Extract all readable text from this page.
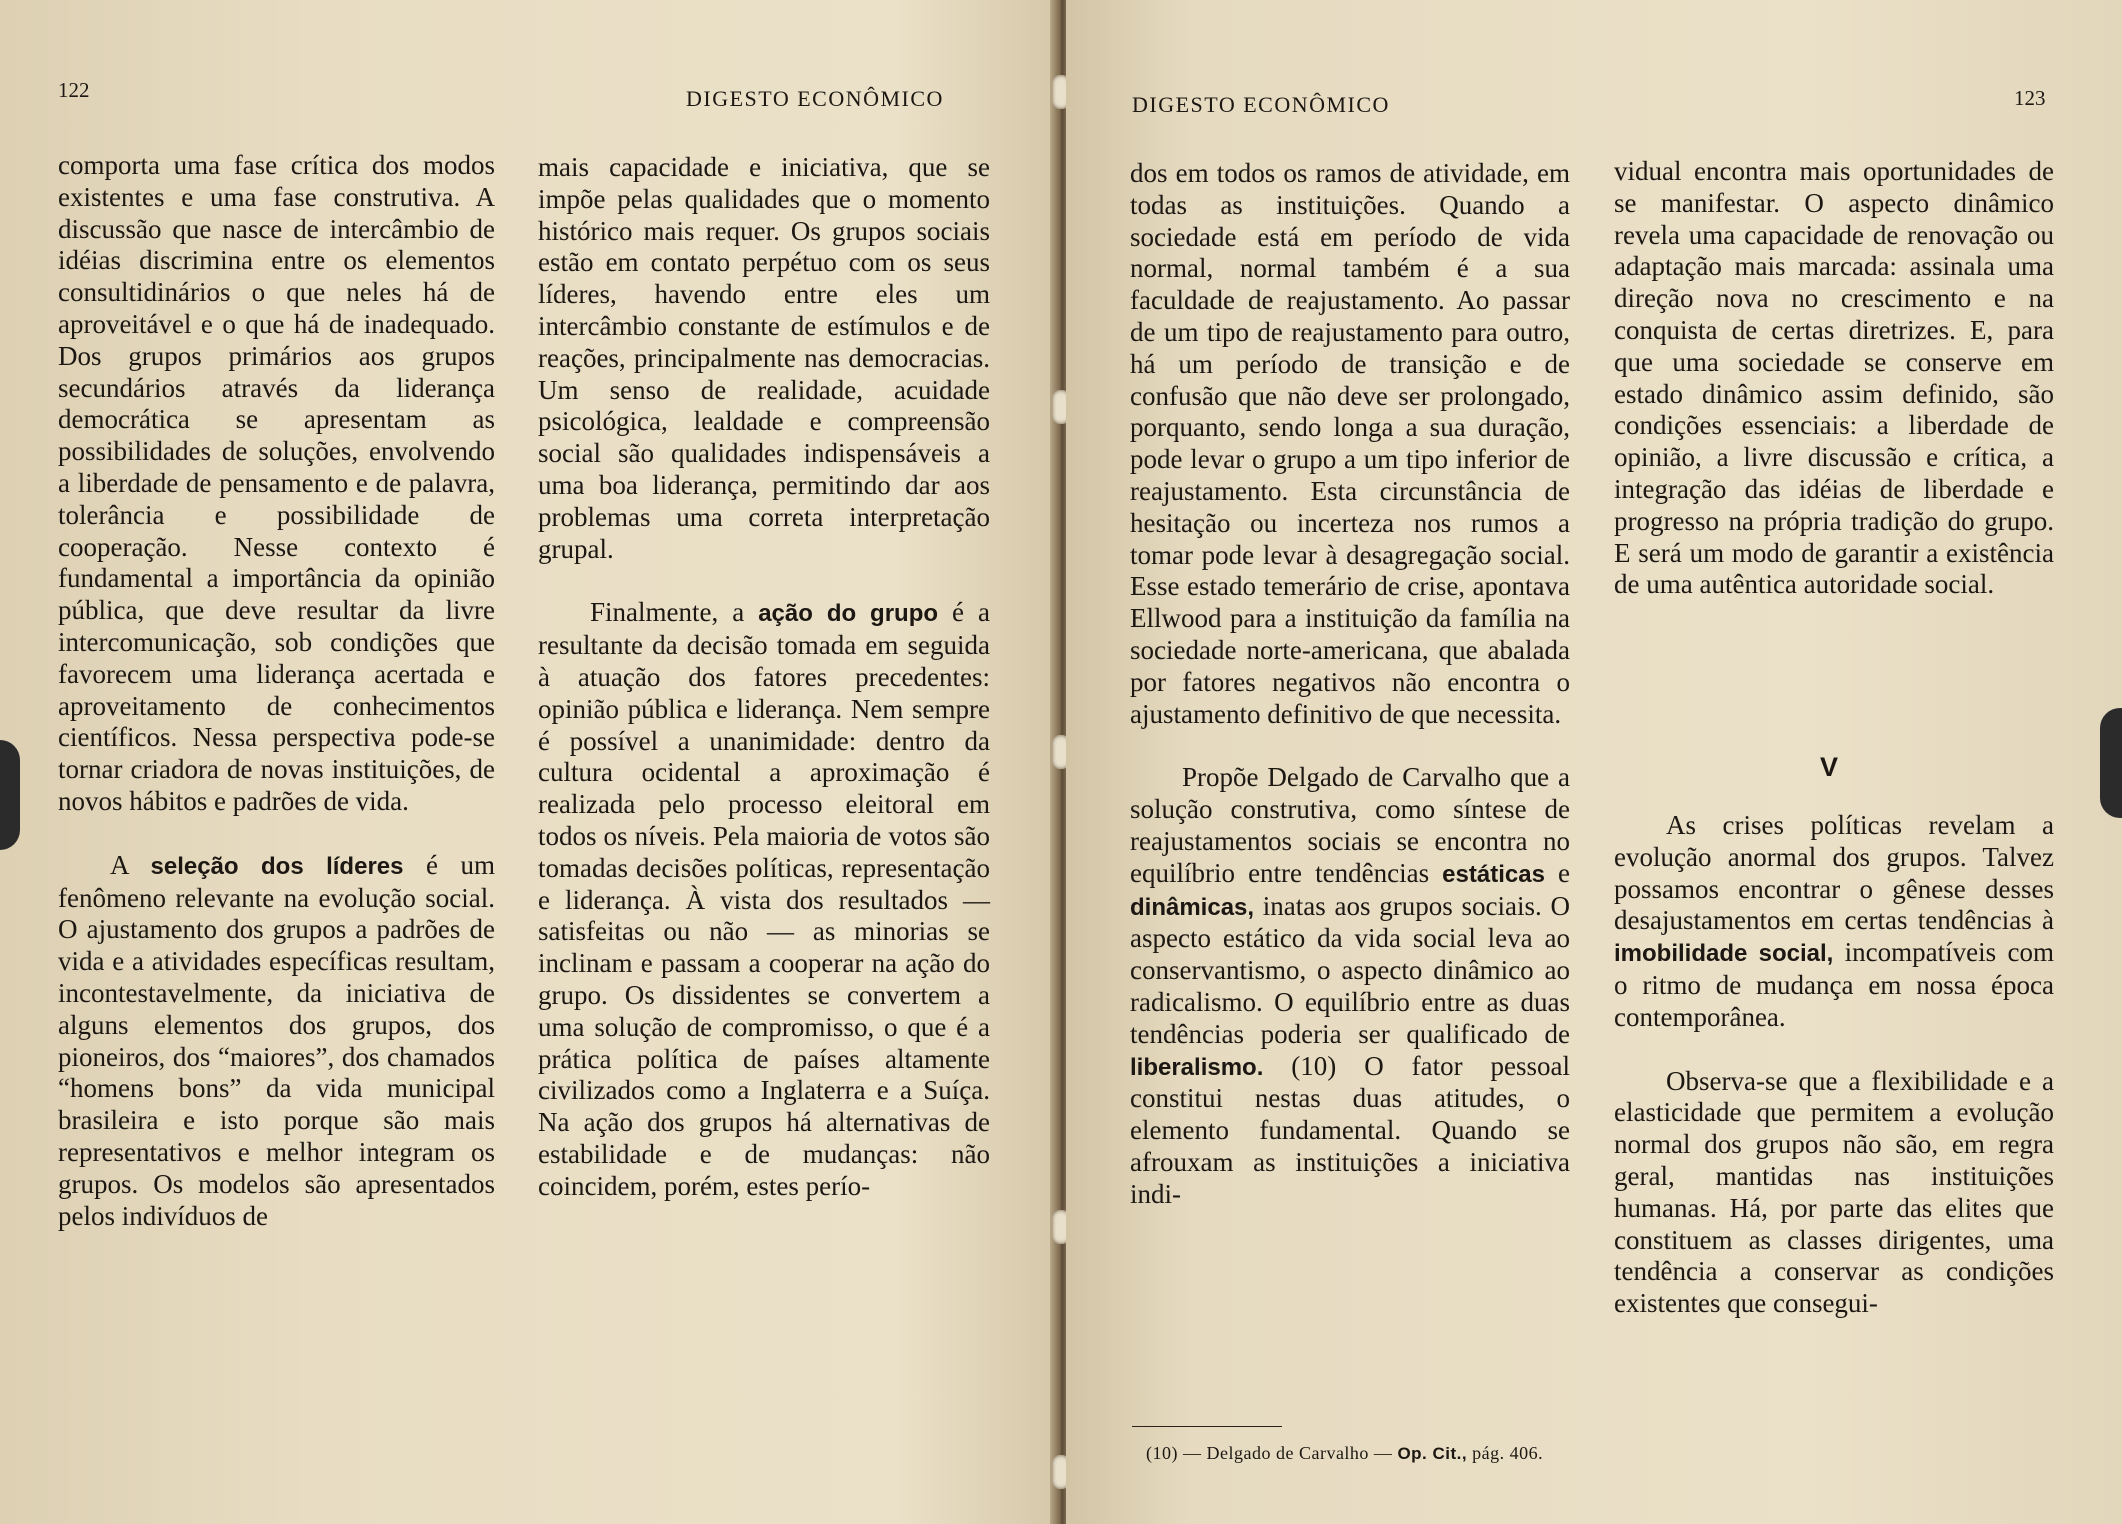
122	DIGESTO ECONÔMICO

comporta uma fase crítica dos modos existentes e uma fase construtiva. A discussão que nasce de intercâmbio de idéias discrimina entre os elementos consultidinários o que neles há de aproveitável e o que há de inadequado. Dos grupos primários aos grupos secundários através da liderança democrática se apresentam as possibilidades de soluções, envolvendo a liberdade de pensamento e de palavra, tolerância e possibilidade de cooperação. Nesse contexto é fundamental a importância da opinião pública, que deve resultar da livre intercomunicação, sob condições que favorecem uma liderança acertada e aproveitamento de conhecimentos científicos. Nessa perspectiva pode-se tornar criadora de novas instituições, de novos hábitos e padrões de vida.

A seleção dos líderes é um fenômeno relevante na evolução social. O ajustamento dos grupos a padrões de vida e a atividades específicas resultam, incontestavelmente, da iniciativa de alguns elementos dos grupos, dos pioneiros, dos “maiores”, dos chamados “homens bons” da vida municipal brasileira e isto porque são mais representativos e melhor integram os grupos. Os modelos são apresentados pelos indivíduos de

mais capacidade e iniciativa, que se impõe pelas qualidades que o momento histórico mais requer. Os grupos sociais estão em contato perpétuo com os seus líderes, havendo entre eles um intercâmbio constante de estímulos e de reações, principalmente nas democracias. Um senso de realidade, acuidade psicológica, lealdade e compreensão social são qualidades indispensáveis a uma boa liderança, permitindo dar aos problemas uma correta interpretação grupal.

Finalmente, a ação do grupo é a resultante da decisão tomada em seguida à atuação dos fatores precedentes: opinião pública e liderança. Nem sempre é possível a unanimidade: dentro da cultura ocidental a aproximação é realizada pelo processo eleitoral em todos os níveis. Pela maioria de votos são tomadas decisões políticas, representação e liderança. À vista dos resultados — satisfeitas ou não — as minorias se inclinam e passam a cooperar na ação do grupo. Os dissidentes se convertem a uma solução de compromisso, o que é a prática política de países altamente civilizados como a Inglaterra e a Suíça. Na ação dos grupos há alternativas de estabilidade e de mudanças: não coincidem, porém, estes perío-

DIGESTO ECONÔMICO	123

dos em todos os ramos de atividade, em todas as instituições. Quando a sociedade está em período de vida normal, normal também é a sua faculdade de reajustamento. Ao passar de um tipo de reajustamento para outro, há um período de transição e de confusão que não deve ser prolongado, porquanto, sendo longa a sua duração, pode levar o grupo a um tipo inferior de reajustamento. Esta circunstância de hesitação ou incerteza nos rumos a tomar pode levar à desagregação social. Esse estado temerário de crise, apontava Ellwood para a instituição da família na sociedade norte-americana, que abalada por fatores negativos não encontra o ajustamento definitivo de que necessita.

Propõe Delgado de Carvalho que a solução construtiva, como síntese de reajustamentos sociais se encontra no equilíbrio entre tendências estáticas e dinâmicas, inatas aos grupos sociais. O aspecto estático da vida social leva ao conservantismo, o aspecto dinâmico ao radicalismo. O equilíbrio entre as duas tendências poderia ser qualificado de liberalismo. (10) O fator pessoal constitui nestas duas atitudes, o elemento fundamental. Quando se afrouxam as instituições a iniciativa indi-

vidual encontra mais oportunidades de se manifestar. O aspecto dinâmico revela uma capacidade de renovação ou adaptação mais marcada: assinala uma direção nova no crescimento e na conquista de certas diretrizes. E, para que uma sociedade se conserve em estado dinâmico assim definido, são condições essenciais: a liberdade de opinião, a livre discussão e crítica, a integração das idéias de liberdade e progresso na própria tradição do grupo. E será um modo de garantir a existência de uma autêntica autoridade social.

V

As crises políticas revelam a evolução anormal dos grupos. Talvez possamos encontrar o gênese desses desajustamentos em certas tendências à imobilidade social, incompatíveis com o ritmo de mudança em nossa época contemporânea.

Observa-se que a flexibilidade e a elasticidade que permitem a evolução normal dos grupos não são, em regra geral, mantidas nas instituições humanas. Há, por parte das elites que constituem as classes dirigentes, uma tendência a conservar as condições existentes que consegui-

(10) — Delgado de Carvalho — Op. Cit., pág. 406.
